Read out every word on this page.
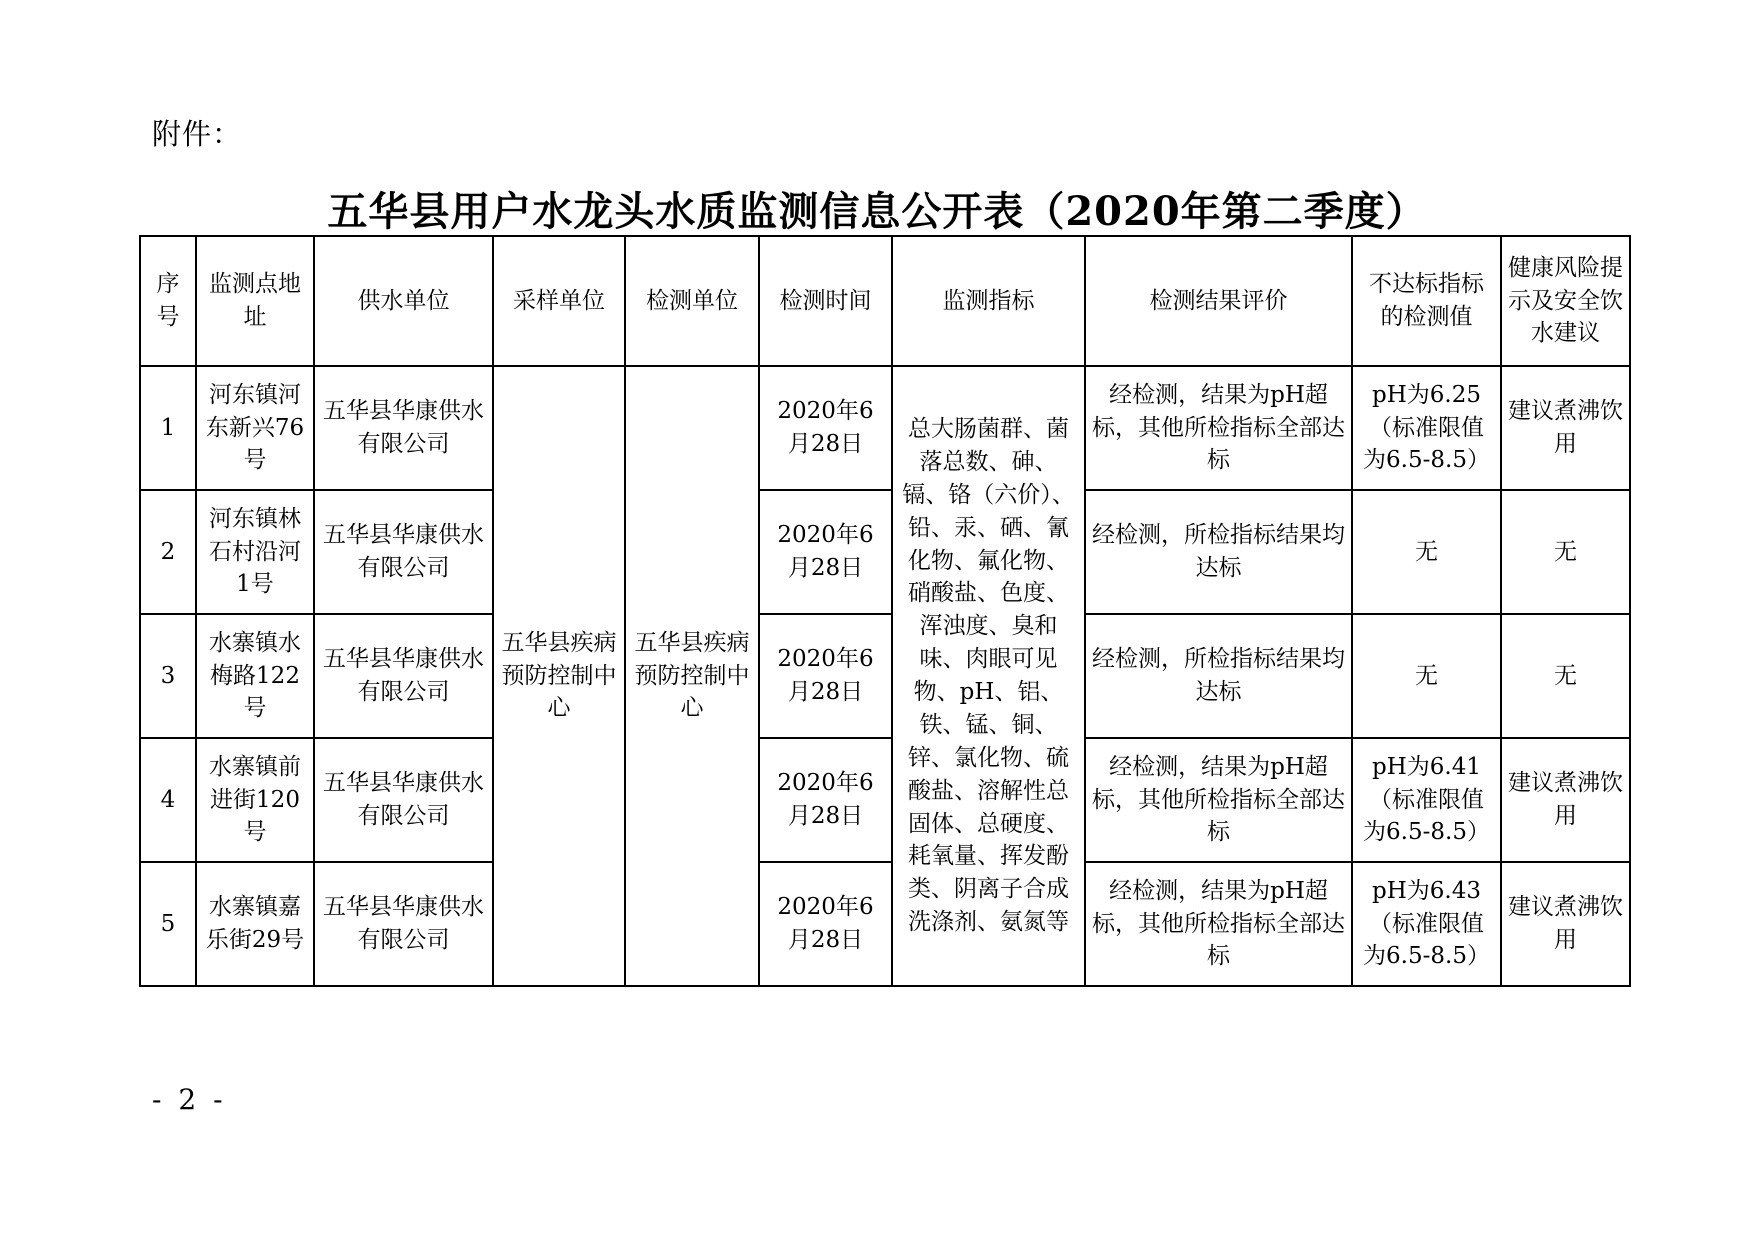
附件：
五华县用户水龙头水质监测信息公开表（2020年第二季度）
序号	监测点地址	供水单位	采样单位	检测单位	检测时间	监测指标	检测结果评价	不达标指标的检测值	健康风险提示及安全饮水建议
1	河东镇河东新兴76号	五华县华康供水有限公司	五华县疾病预防控制中心	五华县疾病预防控制中心	2020年6月28日	总大肠菌群、菌落总数、砷、镉、铬（六价）、铅、汞、硒、氰化物、氟化物、硝酸盐、色度、浑浊度、臭和味、肉眼可见物、pH、铝、铁、锰、铜、锌、氯化物、硫酸盐、溶解性总固体、总硬度、耗氧量、挥发酚类、阴离子合成洗涤剂、氨氮等	经检测，结果为pH超标，其他所检指标全部达标	pH为6.25（标准限值为6.5-8.5）	建议煮沸饮用
2	河东镇林石村沿河1号	五华县华康供水有限公司			2020年6月28日		经检测，所检指标结果均达标	无	无
3	水寨镇水梅路122号	五华县华康供水有限公司			2020年6月28日		经检测，所检指标结果均达标	无	无
4	水寨镇前进街120号	五华县华康供水有限公司			2020年6月28日		经检测，结果为pH超标，其他所检指标全部达标	pH为6.41（标准限值为6.5-8.5）	建议煮沸饮用
5	水寨镇嘉乐街29号	五华县华康供水有限公司			2020年6月28日		经检测，结果为pH超标，其他所检指标全部达标	pH为6.43（标准限值为6.5-8.5）	建议煮沸饮用
- 2 -
